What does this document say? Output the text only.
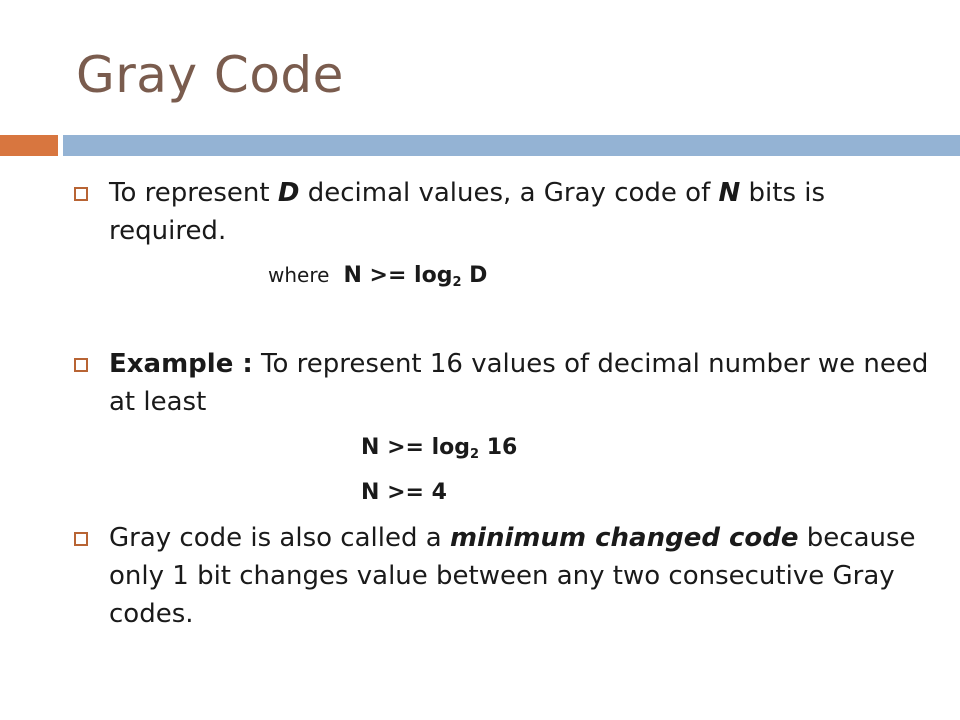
Gray Code
To represent D decimal values, a Gray code of N bits is required.
where $N >= \log_2 D$
Example : To represent 16 values of decimal number we need at least
$N >= \log_2 16$
N >= 4
Gray code is also called a minimum changed code because only 1 bit changes value between any two consecutive Gray codes.
